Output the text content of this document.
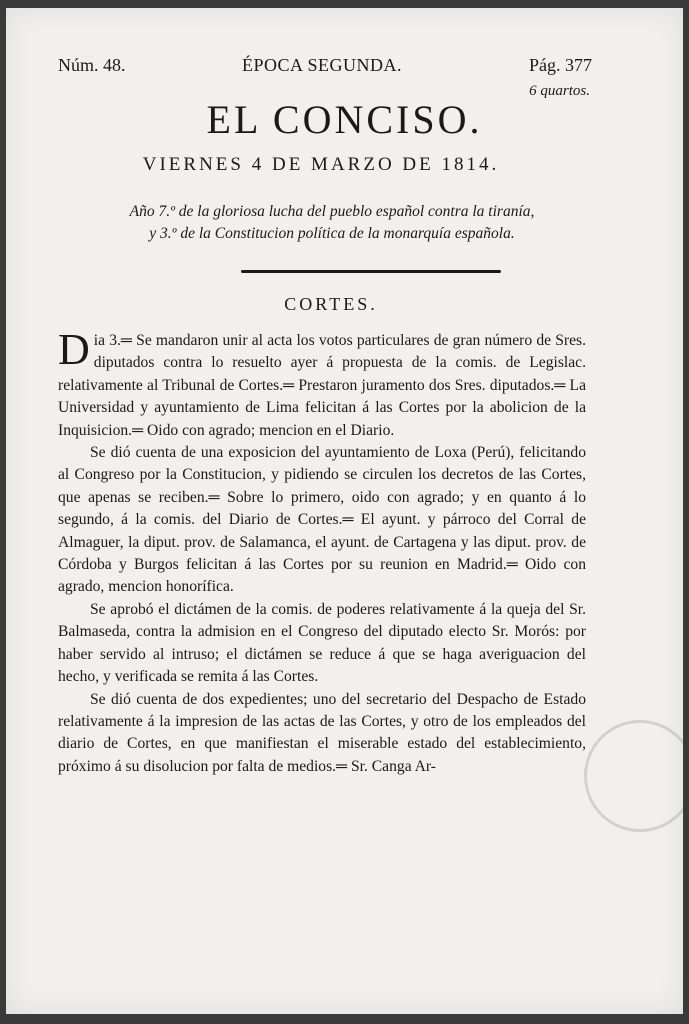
Núm. 48.	ÉPOCA SEGUNDA.	Pág. 377
6 quartos.
EL CONCISO.
VIERNES 4 DE MARZO DE 1814.
Año 7.º de la gloriosa lucha del pueblo español contra la tiranía,
y 3.º de la Constitucion política de la monarquía española.
CORTES.

Dia 3.═ Se mandaron unir al acta los votos particulares de gran número de Sres. diputados contra lo resuelto ayer á propuesta de la comis. de Legislac. relativamente al Tribunal de Cortes.═ Prestaron juramento dos Sres. diputados.═ La Universidad y ayuntamiento de Lima felicitan á las Cortes por la abolicion de la Inquisicion.═ Oido con agrado; mencion en el Diario.

Se dió cuenta de una exposicion del ayuntamiento de Loxa (Perú), felicitando al Congreso por la Constitucion, y pidiendo se circulen los decretos de las Cortes, que apenas se reciben.═ Sobre lo primero, oido con agrado; y en quanto á lo segundo, á la comis. del Diario de Cortes.═ El ayunt. y párroco del Corral de Almaguer, la diput. prov. de Salamanca, el ayunt. de Cartagena y las diput. prov. de Córdoba y Burgos felicitan á las Cortes por su reunion en Madrid.═ Oido con agrado, mencion honorífica.

Se aprobó el dictámen de la comis. de poderes relativamente á la queja del Sr. Balmaseda, contra la admision en el Congreso del diputado electo Sr. Morós: por haber servido al intruso; el dictámen se reduce á que se haga averiguacion del hecho, y verificada se remita á las Cortes.

Se dió cuenta de dos expedientes; uno del secretario del Despacho de Estado relativamente á la impresion de las actas de las Cortes, y otro de los empleados del diario de Cortes, en que manifiestan el miserable estado del establecimiento, próximo á su disolucion por falta de medios.═ Sr. Canga Ar-
